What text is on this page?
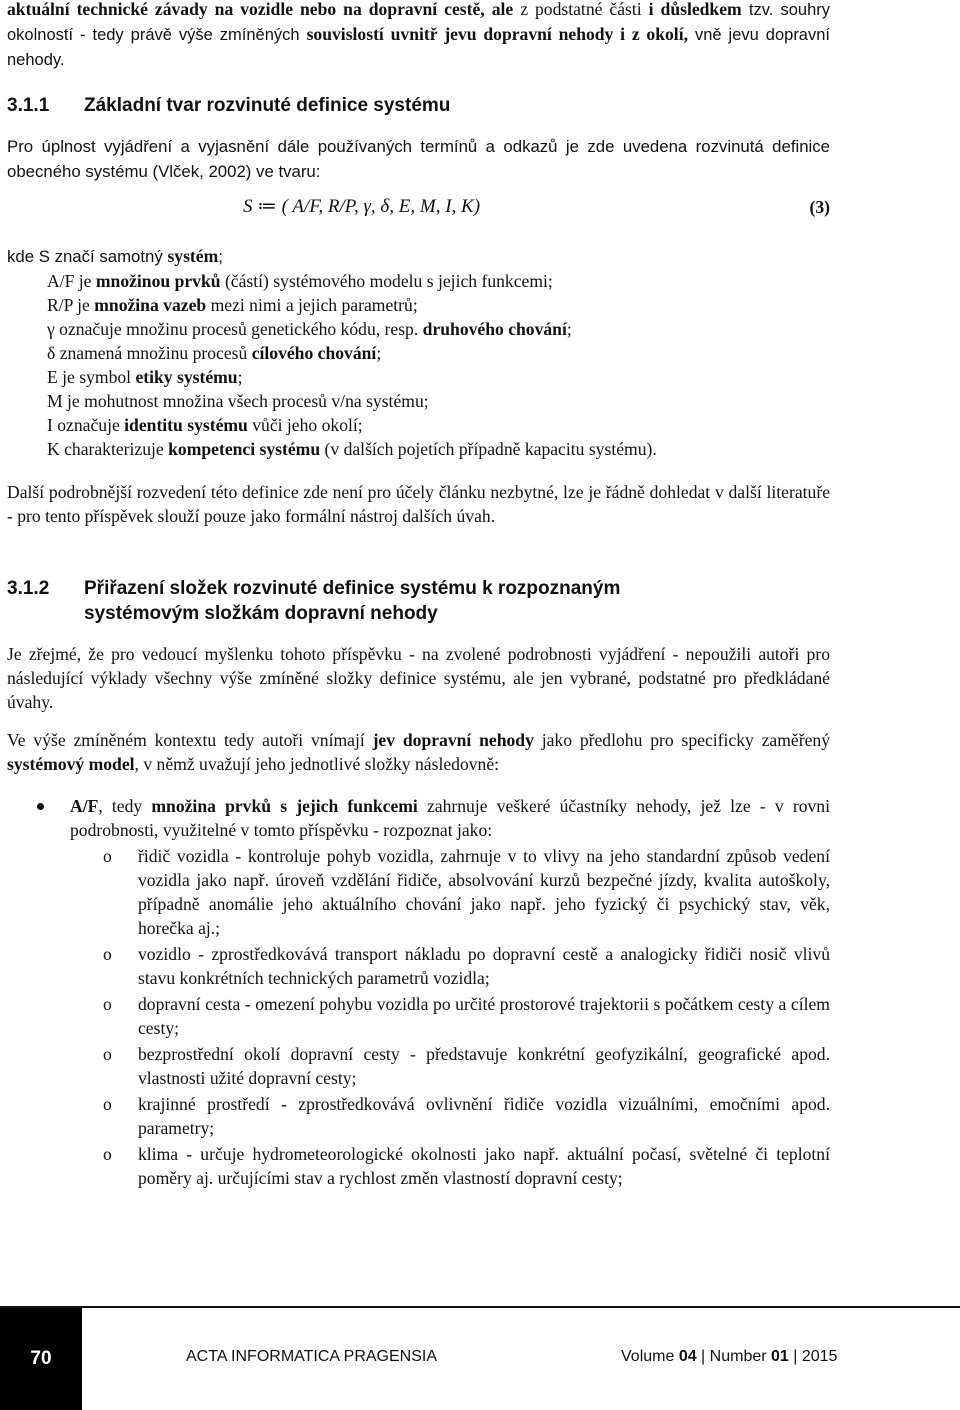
aktuální technické závady na vozidle nebo na dopravní cestě, ale z podstatné části i důsledkem tzv. souhry okolností - tedy právě výše zmíněných souvislostí uvnitř jevu dopravní nehody i z okolí, vně jevu dopravní nehody.
3.1.1 Základní tvar rozvinuté definice systému
Pro úplnost vyjádření a vyjasnění dále používaných termínů a odkazů je zde uvedena rozvinutá definice obecného systému (Vlček, 2002) ve tvaru:
S ≔ ( A/F, R/P, γ, δ, E, M, I, K)	(3)
kde S značí samotný systém;
A/F je množinou prvků (částí) systémového modelu s jejich funkcemi;
R/P je množina vazeb mezi nimi a jejich parametrů;
γ označuje množinu procesů genetického kódu, resp. druhového chování;
δ znamená množinu procesů cílového chování;
E je symbol etiky systému;
M je mohutnost množina všech procesů v/na systému;
I označuje identitu systému vůči jeho okolí;
K charakterizuje kompetenci systému (v dalších pojetích případně kapacitu systému).

Další podrobnější rozvedení této definice zde není pro účely článku nezbytné, lze je řádně dohledat v další literatuře - pro tento příspěvek slouží pouze jako formální nástroj dalších úvah.

3.1.2 Přiřazení složek rozvinuté definice systému k rozpoznaným
systémovým složkám dopravní nehody

Je zřejmé, že pro vedoucí myšlenku tohoto příspěvku - na zvolené podrobnosti vyjádření - nepoužili autoři pro následující výklady všechny výše zmíněné složky definice systému, ale jen vybrané, podstatné pro předkládané úvahy.

Ve výše zmíněném kontextu tedy autoři vnímají jev dopravní nehody jako předlohu pro specificky zaměřený systémový model, v němž uvažují jeho jednotlivé složky následovně:
A/F, tedy množina prvků s jejich funkcemi zahrnuje veškeré účastníky nehody, jež lze - v rovni podrobnosti, využitelné v tomto příspěvku - rozpoznat jako:
o řidič vozidla - kontroluje pohyb vozidla, zahrnuje v to vlivy na jeho standardní způsob vedení vozidla jako např. úroveň vzdělání řidiče, absolvování kurzů bezpečné jízdy, kvalita autoškoly, případně anomálie jeho aktuálního chování jako např. jeho fyzický či psychický stav, věk, horečka aj.;
o vozidlo - zprostředkovává transport nákladu po dopravní cestě a analogicky řidiči nosič vlivů stavu konkrétních technických parametrů vozidla;
o dopravní cesta - omezení pohybu vozidla po určité prostorové trajektorii s počátkem cesty a cílem cesty;
o bezprostřední okolí dopravní cesty - představuje konkrétní geofyzikální, geografické apod. vlastnosti užité dopravní cesty;
o krajinné prostředí - zprostředkovává ovlivnění řidiče vozidla vizuálními, emočními apod. parametry;
o klima - určuje hydrometeorologické okolnosti jako např. aktuální počasí, světelné či teplotní poměry aj. určujícími stav a rychlost změn vlastností dopravní cesty;
70	ACTA INFORMATICA PRAGENSIA	Volume 04 | Number 01 | 2015
